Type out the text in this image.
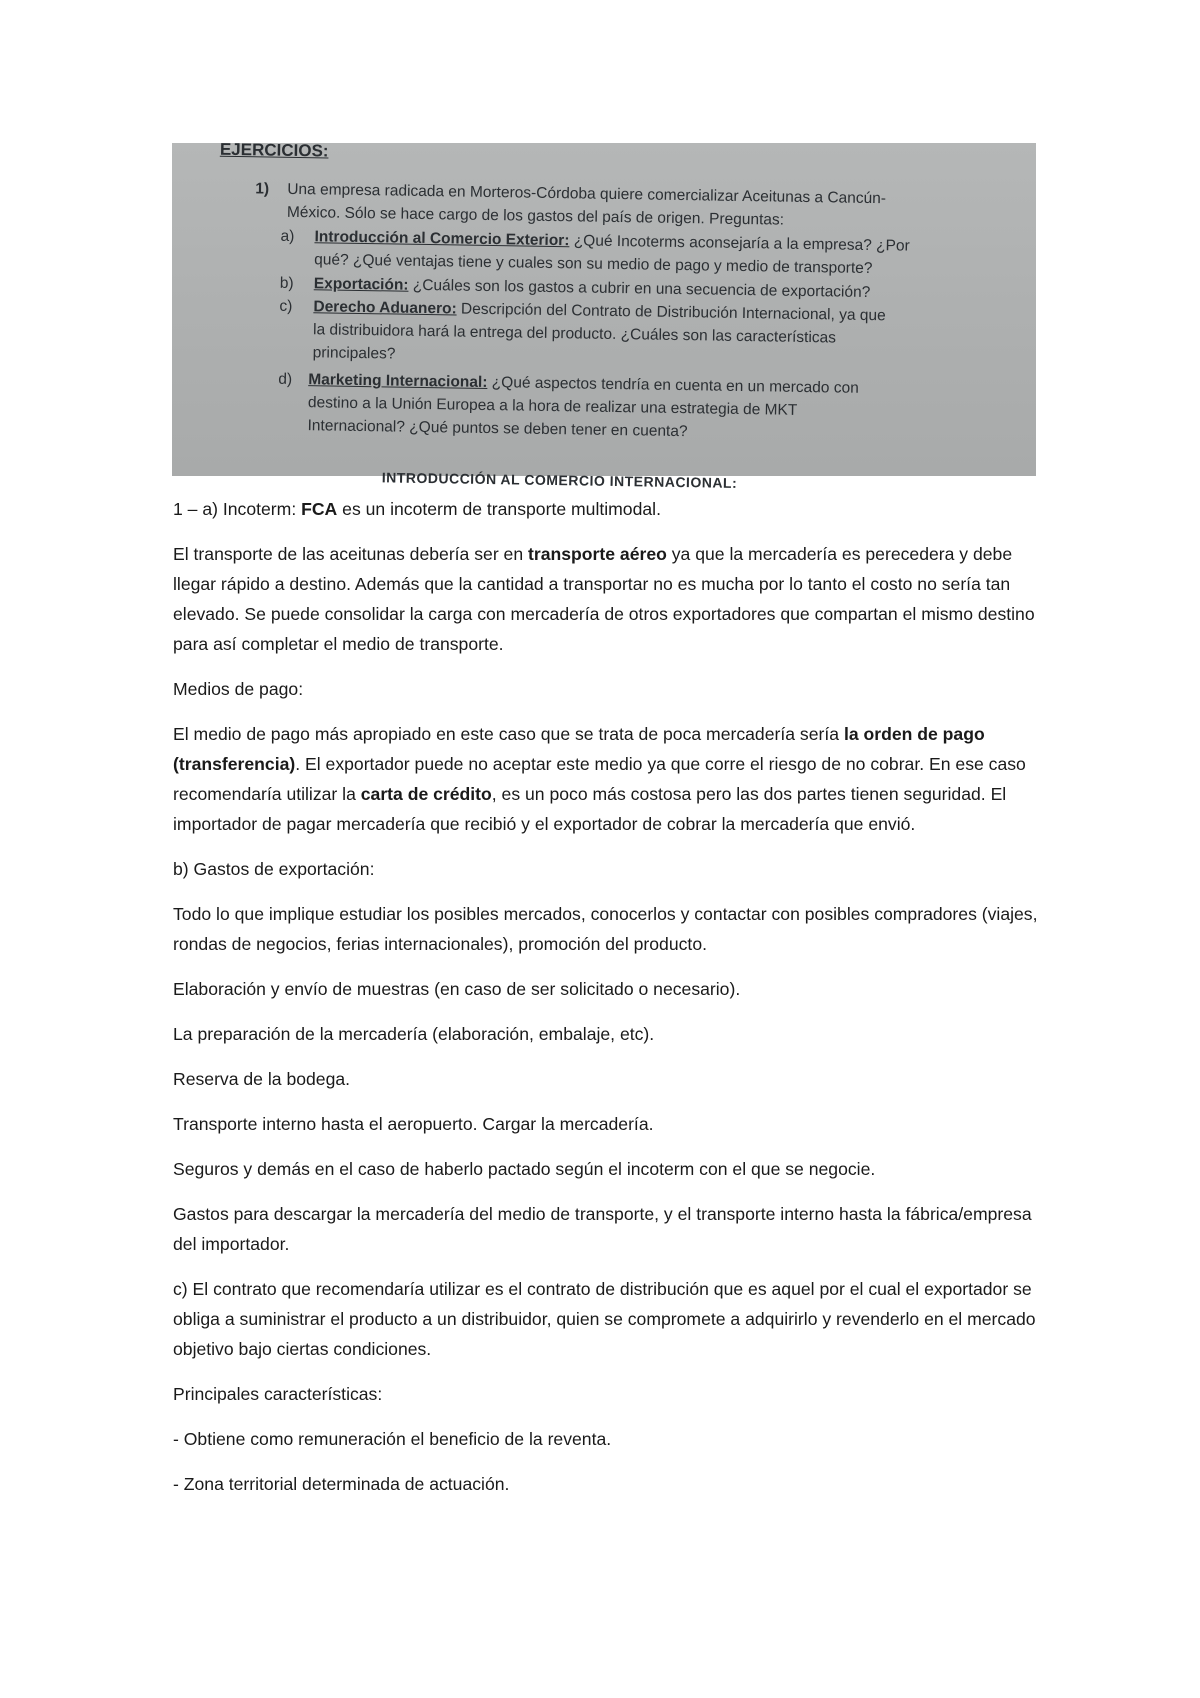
EJERCICIOS:
1) Una empresa radicada en Morteros-Córdoba quiere comercializar Aceitunas a Cancún-
México. Sólo se hace cargo de los gastos del país de origen. Preguntas:
a) Introducción al Comercio Exterior: ¿Qué Incoterms aconsejaría a la empresa? ¿Por
qué? ¿Qué ventajas tiene y cuales son su medio de pago y medio de transporte?
b) Exportación: ¿Cuáles son los gastos a cubrir en una secuencia de exportación?
c) Derecho Aduanero: Descripción del Contrato de Distribución Internacional, ya que
la distribuidora hará la entrega del producto. ¿Cuáles son las características
principales?
d) Marketing Internacional: ¿Qué aspectos tendría en cuenta en un mercado con
destino a la Unión Europea a la hora de realizar una estrategia de MKT
Internacional? ¿Qué puntos se deben tener en cuenta?
INTRODUCCIÓN AL COMERCIO INTERNACIONAL:

1 – a) Incoterm: FCA es un incoterm de transporte multimodal.

El transporte de las aceitunas debería ser en transporte aéreo ya que la mercadería es perecedera y debe llegar rápido a destino. Además que la cantidad a transportar no es mucha por lo tanto el costo no sería tan elevado. Se puede consolidar la carga con mercadería de otros exportadores que compartan el mismo destino para así completar el medio de transporte.

Medios de pago:

El medio de pago más apropiado en este caso que se trata de poca mercadería sería la orden de pago (transferencia). El exportador puede no aceptar este medio ya que corre el riesgo de no cobrar. En ese caso recomendaría utilizar la carta de crédito, es un poco más costosa pero las dos partes tienen seguridad. El importador de pagar mercadería que recibió y el exportador de cobrar la mercadería que envió.

b) Gastos de exportación:

Todo lo que implique estudiar los posibles mercados, conocerlos y contactar con posibles compradores (viajes, rondas de negocios, ferias internacionales), promoción del producto.

Elaboración y envío de muestras (en caso de ser solicitado o necesario).

La preparación de la mercadería (elaboración, embalaje, etc).

Reserva de la bodega.

Transporte interno hasta el aeropuerto. Cargar la mercadería.

Seguros y demás en el caso de haberlo pactado según el incoterm con el que se negocie.

Gastos para descargar la mercadería del medio de transporte, y el transporte interno hasta la fábrica/empresa del importador.

c) El contrato que recomendaría utilizar es el contrato de distribución que es aquel por el cual el exportador se obliga a suministrar el producto a un distribuidor, quien se compromete a adquirirlo y revenderlo en el mercado objetivo bajo ciertas condiciones.

Principales características:

- Obtiene como remuneración el beneficio de la reventa.

- Zona territorial determinada de actuación.
